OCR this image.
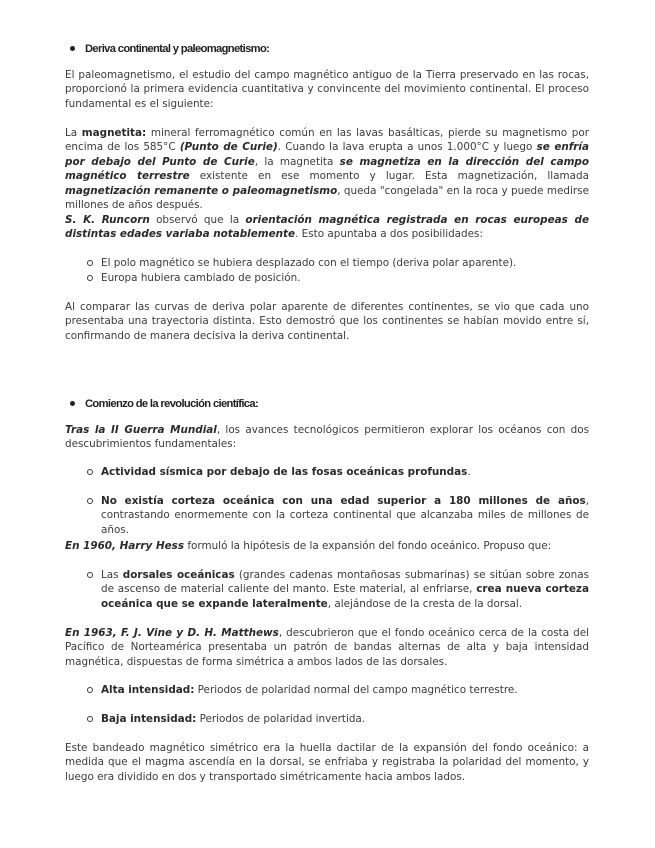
Deriva continental y paleomagnetismo:
El paleomagnetismo, el estudio del campo magnético antiguo de la Tierra preservado en las rocas, proporcionó la primera evidencia cuantitativa y convincente del movimiento continental. El proceso fundamental es el siguiente:
La magnetita: mineral ferromagnético común en las lavas basálticas, pierde su magnetismo por encima de los 585°C (Punto de Curie). Cuando la lava erupta a unos 1.000°C y luego se enfría por debajo del Punto de Curie, la magnetita se magnetiza en la dirección del campo magnético terrestre existente en ese momento y lugar. Esta magnetización, llamada magnetización remanente o paleomagnetismo, queda "congelada" en la roca y puede medirse millones de años después.
S. K. Runcorn observó que la orientación magnética registrada en rocas europeas de distintas edades variaba notablemente. Esto apuntaba a dos posibilidades:
El polo magnético se hubiera desplazado con el tiempo (deriva polar aparente).
Europa hubiera cambiado de posición.
Al comparar las curvas de deriva polar aparente de diferentes continentes, se vio que cada uno presentaba una trayectoria distinta. Esto demostró que los continentes se habían movido entre sí, confirmando de manera decisiva la deriva continental.
Comienzo de la revolución científica:
Tras la II Guerra Mundial, los avances tecnológicos permitieron explorar los océanos con dos descubrimientos fundamentales:
Actividad sísmica por debajo de las fosas oceánicas profundas.
No existía corteza oceánica con una edad superior a 180 millones de años, contrastando enormemente con la corteza continental que alcanzaba miles de millones de años.
En 1960, Harry Hess formuló la hipótesis de la expansión del fondo oceánico. Propuso que:
Las dorsales oceánicas (grandes cadenas montañosas submarinas) se sitúan sobre zonas de ascenso de material caliente del manto. Este material, al enfriarse, crea nueva corteza oceánica que se expande lateralmente, alejándose de la cresta de la dorsal.
En 1963, F. J. Vine y D. H. Matthews, descubrieron que el fondo oceánico cerca de la costa del Pacífico de Norteamérica presentaba un patrón de bandas alternas de alta y baja intensidad magnética, dispuestas de forma simétrica a ambos lados de las dorsales.
Alta intensidad: Periodos de polaridad normal del campo magnético terrestre.
Baja intensidad: Periodos de polaridad invertida.
Este bandeado magnético simétrico era la huella dactilar de la expansión del fondo oceánico: a medida que el magma ascendía en la dorsal, se enfriaba y registraba la polaridad del momento, y luego era dividido en dos y transportado simétricamente hacia ambos lados.
